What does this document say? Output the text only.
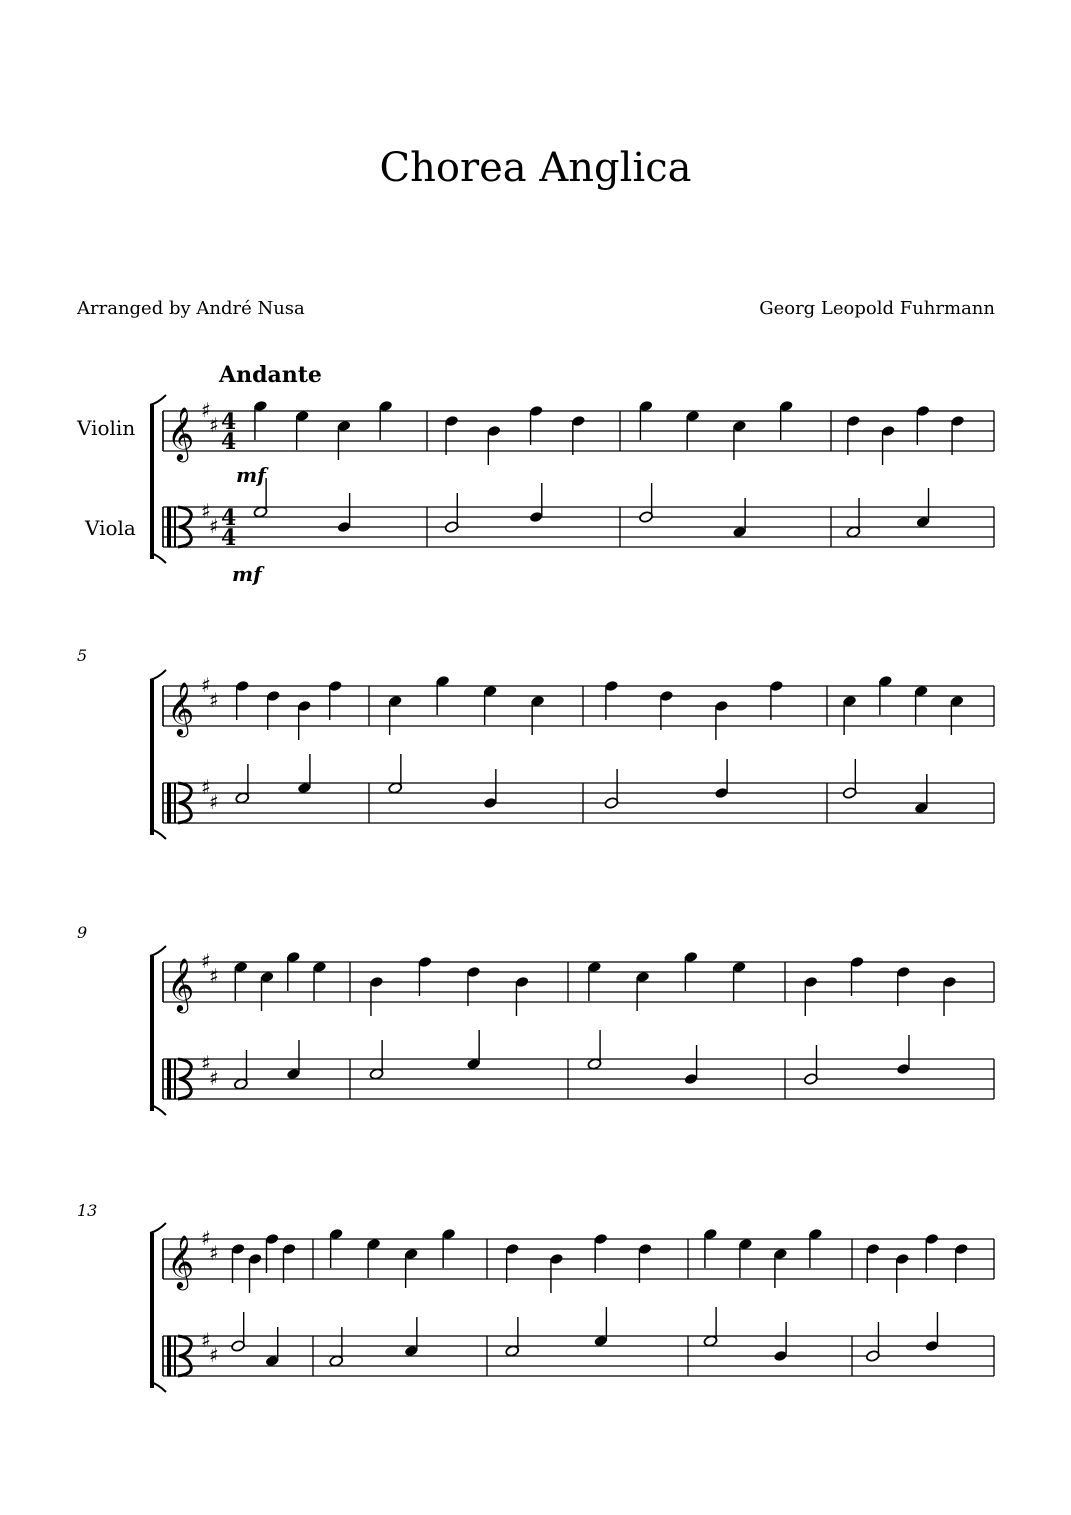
Chorea Anglica
Arranged by André Nusa	Georg Leopold Fuhrmann
Andante
Violin
Viola
mf
mf
5
9
13
𝄞 ♯
♯
♯
♯
4
4
4
4
𝄞 ♯
♯
♯
♯
𝄞 ♯
♯
♯
♯
𝄞 ♯
♯
♯
♯
